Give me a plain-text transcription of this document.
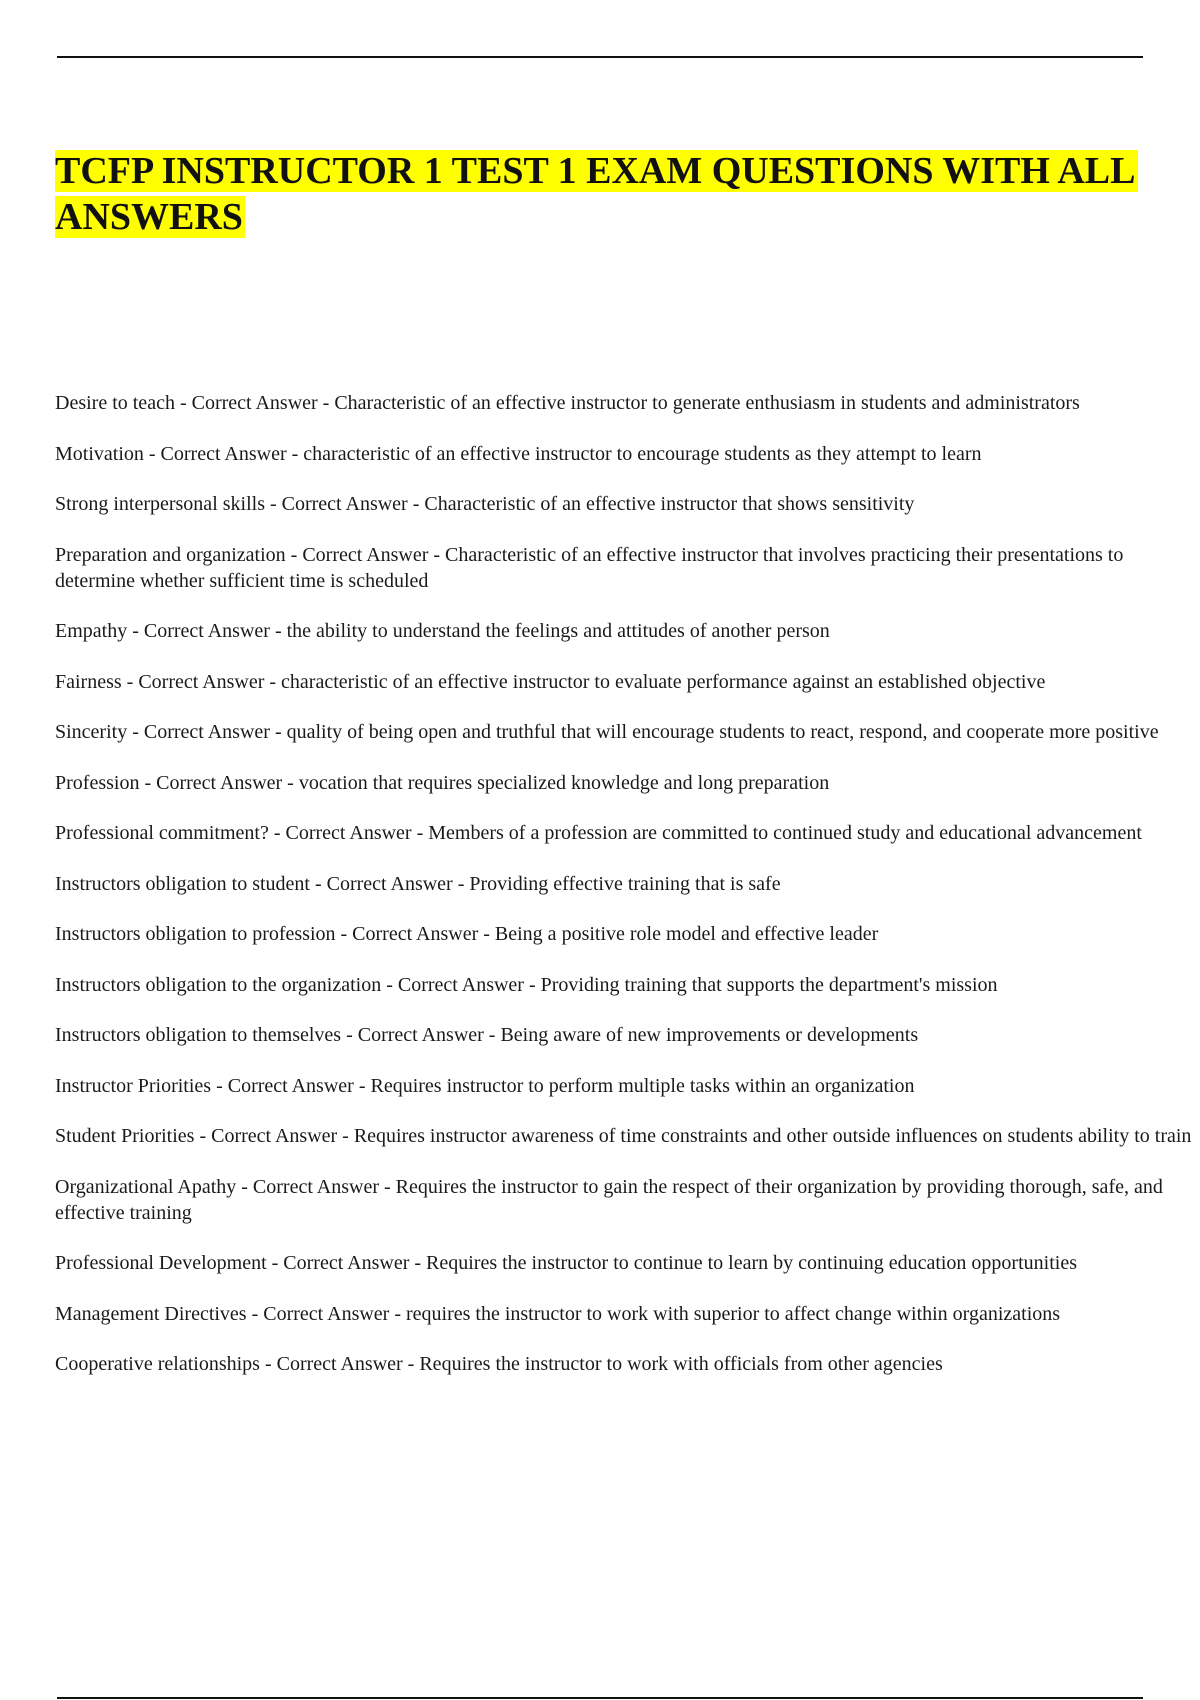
TCFP INSTRUCTOR 1 TEST 1 EXAM QUESTIONS WITH ALL
ANSWERS
Desire to teach - Correct Answer - Characteristic of an effective instructor to generate enthusiasm in students and administrators
Motivation - Correct Answer - characteristic of an effective instructor to encourage students as they attempt to learn
Strong interpersonal skills - Correct Answer - Characteristic of an effective instructor that shows sensitivity
Preparation and organization - Correct Answer - Characteristic of an effective instructor that involves practicing their presentations to determine whether sufficient time is scheduled
Empathy - Correct Answer - the ability to understand the feelings and attitudes of another person
Fairness - Correct Answer - characteristic of an effective instructor to evaluate performance against an established objective
Sincerity - Correct Answer - quality of being open and truthful that will encourage students to react, respond, and cooperate more positive
Profession - Correct Answer - vocation that requires specialized knowledge and long preparation
Professional commitment? - Correct Answer - Members of a profession are committed to continued study and educational advancement
Instructors obligation to student - Correct Answer - Providing effective training that is safe
Instructors obligation to profession - Correct Answer - Being a positive role model and effective leader
Instructors obligation to the organization - Correct Answer - Providing training that supports the department's mission
Instructors obligation to themselves - Correct Answer - Being aware of new improvements or developments
Instructor Priorities - Correct Answer - Requires instructor to perform multiple tasks within an organization
Student Priorities - Correct Answer - Requires instructor awareness of time constraints and other outside influences on students ability to train
Organizational Apathy - Correct Answer - Requires the instructor to gain the respect of their organization by providing thorough, safe, and effective training
Professional Development - Correct Answer - Requires the instructor to continue to learn by continuing education opportunities
Management Directives - Correct Answer - requires the instructor to work with superior to affect change within organizations
Cooperative relationships - Correct Answer - Requires the instructor to work with officials from other agencies
